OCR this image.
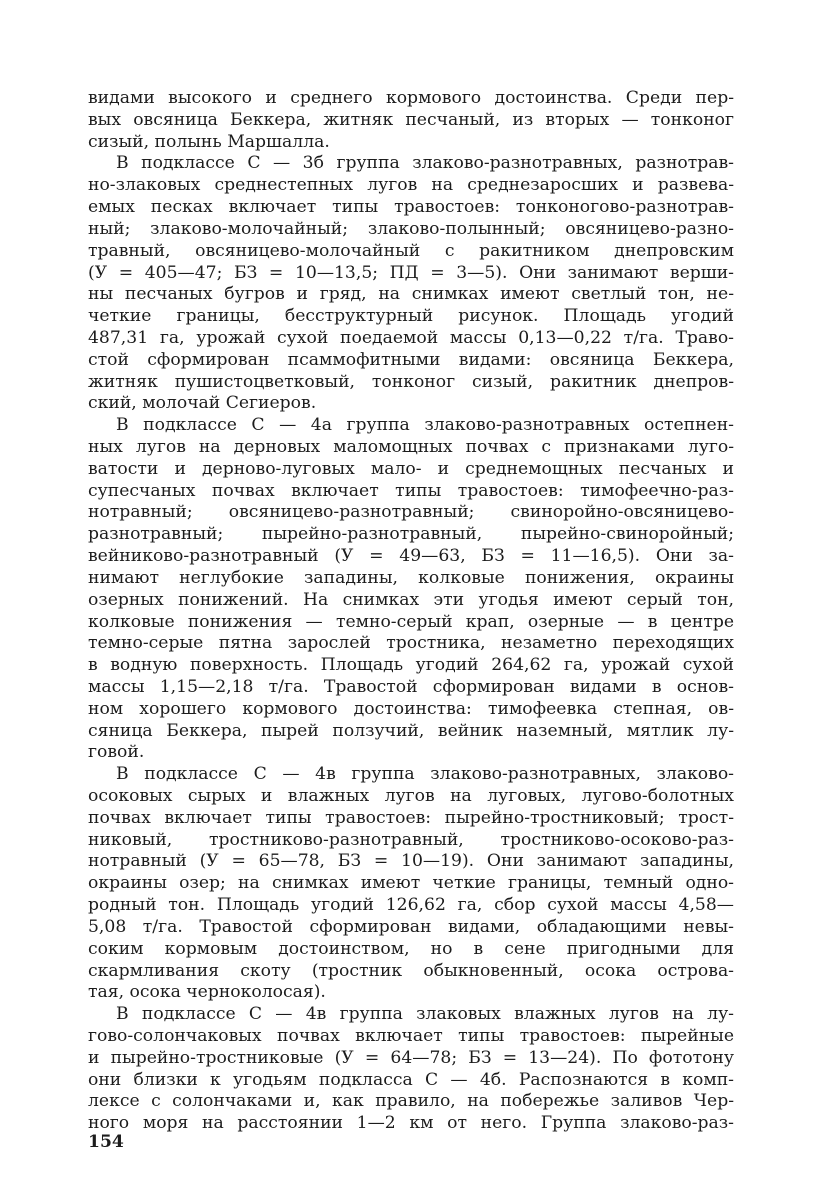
видами высокого и среднего кормового достоинства. Среди пер-
вых овсяница Беккера, житняк песчаный, из вторых — тонконог
сизый, полынь Маршалла.
В подклассе С — 3б группа злаково-разнотравных, разнотрав-
но-злаковых среднестепных лугов на среднезаросших и развева-
емых песках включает типы травостоев: тонконогово-разнотрав-
ный; злаково-молочайный; злаково-полынный; овсяницево-разно-
травный, овсяницево-молочайный с ракитником днепровским
(У = 405—47; БЗ = 10—13,5; ПД = 3—5). Они занимают верши-
ны песчаных бугров и гряд, на снимках имеют светлый тон, не-
четкие границы, бесструктурный рисунок. Площадь угодий
487,31 га, урожай сухой поедаемой массы 0,13—0,22 т/га. Траво-
стой сформирован псаммофитными видами: овсяница Беккера,
житняк пушистоцветковый, тонконог сизый, ракитник днепров-
ский, молочай Сегиеров.
В подклассе С — 4а группа злаково-разнотравных остепнен-
ных лугов на дерновых маломощных почвах с признаками луго-
ватости и дерново-луговых мало- и среднемощных песчаных и
супесчаных почвах включает типы травостоев: тимофеечно-раз-
нотравный; овсяницево-разнотравный; свиноройно-овсяницево-
разнотравный; пырейно-разнотравный, пырейно-свиноройный;
вейниково-разнотравный (У = 49—63, БЗ = 11—16,5). Они за-
нимают неглубокие западины, колковые понижения, окраины
озерных понижений. На снимках эти угодья имеют серый тон,
колковые понижения — темно-серый крап, озерные — в центре
темно-серые пятна зарослей тростника, незаметно переходящих
в водную поверхность. Площадь угодий 264,62 га, урожай сухой
массы 1,15—2,18 т/га. Травостой сформирован видами в основ-
ном хорошего кормового достоинства: тимофеевка степная, ов-
сяница Беккера, пырей ползучий, вейник наземный, мятлик лу-
говой.
В подклассе С — 4в группа злаково-разнотравных, злаково-
осоковых сырых и влажных лугов на луговых, лугово-болотных
почвах включает типы травостоев: пырейно-тростниковый; трост-
никовый, тростниково-разнотравный, тростниково-осоково-раз-
нотравный (У = 65—78, БЗ = 10—19). Они занимают западины,
окраины озер; на снимках имеют четкие границы, темный одно-
родный тон. Площадь угодий 126,62 га, сбор сухой массы 4,58—
5,08 т/га. Травостой сформирован видами, обладающими невы-
соким кормовым достоинством, но в сене пригодными для
скармливания скоту (тростник обыкновенный, осока острова-
тая, осока черноколосая).
В подклассе С — 4в группа злаковых влажных лугов на лу-
гово-солончаковых почвах включает типы травостоев: пырейные
и пырейно-тростниковые (У = 64—78; БЗ = 13—24). По фототону
они близки к угодьям подкласса С — 4б. Распознаются в комп-
лексе с солончаками и, как правило, на побережье заливов Чер-
ного моря на расстоянии 1—2 км от него. Группа злаково-раз-
154
